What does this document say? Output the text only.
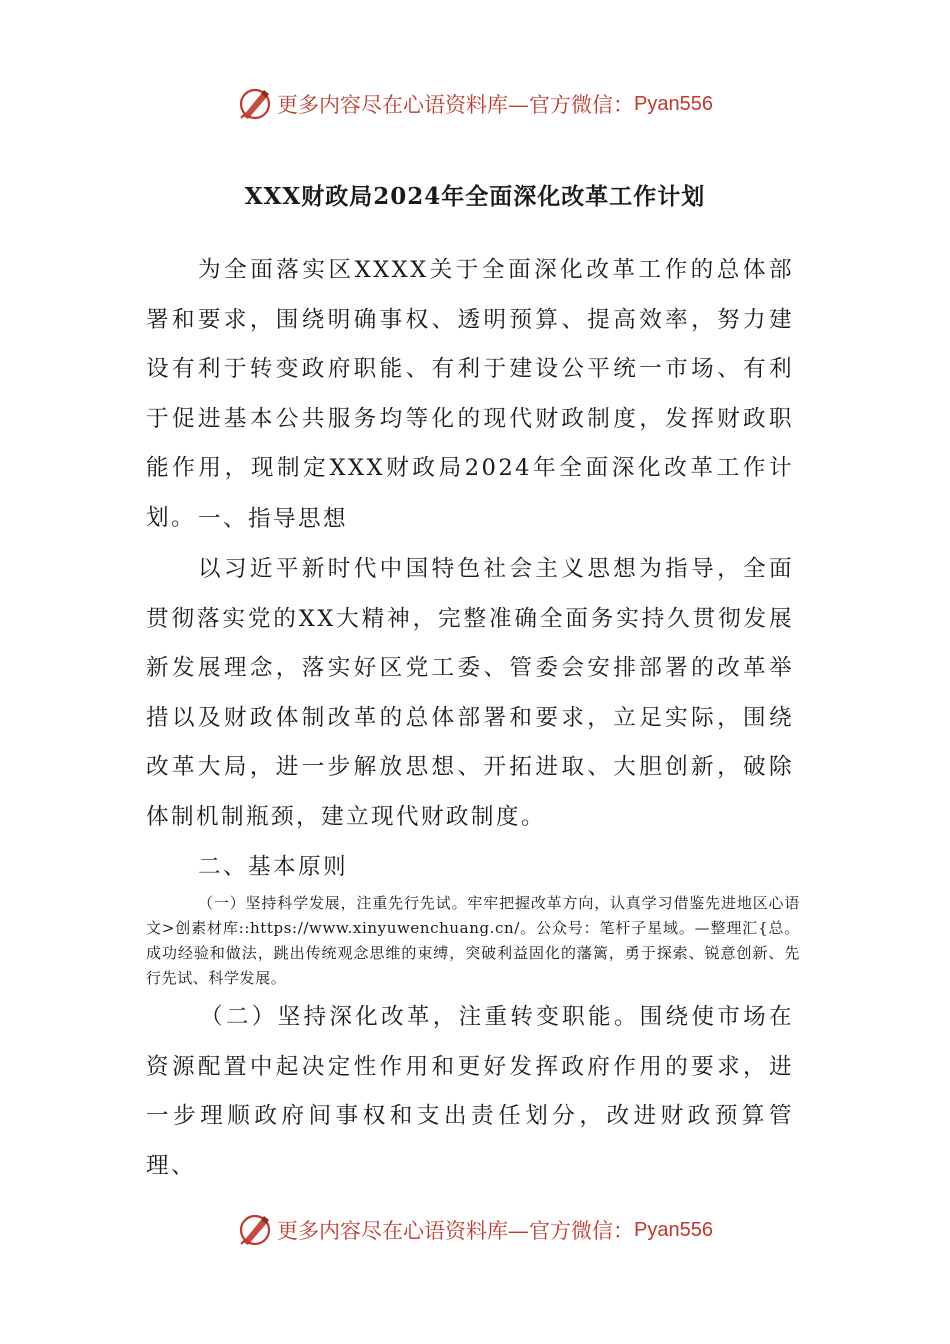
更多内容尽在心语资料库—官方微信： Pyan556
XXX财政局2024年全面深化改革工作计划

为全面落实区XXXX关于全面深化改革工作的总体部署和要求，围绕明确事权、透明预算、提高效率，努力建设有利于转变政府职能、有利于建设公平统一市场、有利于促进基本公共服务均等化的现代财政制度，发挥财政职能作用，现制定XXX财政局2024年全面深化改革工作计划。 一、指导思想

以习近平新时代中国特色社会主义思想为指导，全面贯彻落实党的XX大精神，完整准确全面务实持久贯彻发展新发展理念，落实好区党工委、管委会安排部署的改革举措以及财政体制改革的总体部署和要求，立足实际，围绕改革大局，进一步解放思想、开拓进取、大胆创新，破除体制机制瓶颈，建立现代财政制度。

二、基本原则

（一）坚持科学发展，注重先行先试。牢牢把握改革方向，认真学习借鉴先进地区心语文>创素材库::https://www.xinyuwenchuang.cn/。公众号：笔杆子星域。—整理汇{总。成功经验和做法，跳出传统观念思维的束缚，突破利益固化的藩篱，勇于探索、锐意创新、先行先试、科学发展。

（二）坚持深化改革，注重转变职能。围绕使市场在资源配置中起决定性作用和更好发挥政府作用的要求，进一步理顺政府间事权和支出责任划分，改进财政预算管理、

更多内容尽在心语资料库—官方微信： Pyan556
